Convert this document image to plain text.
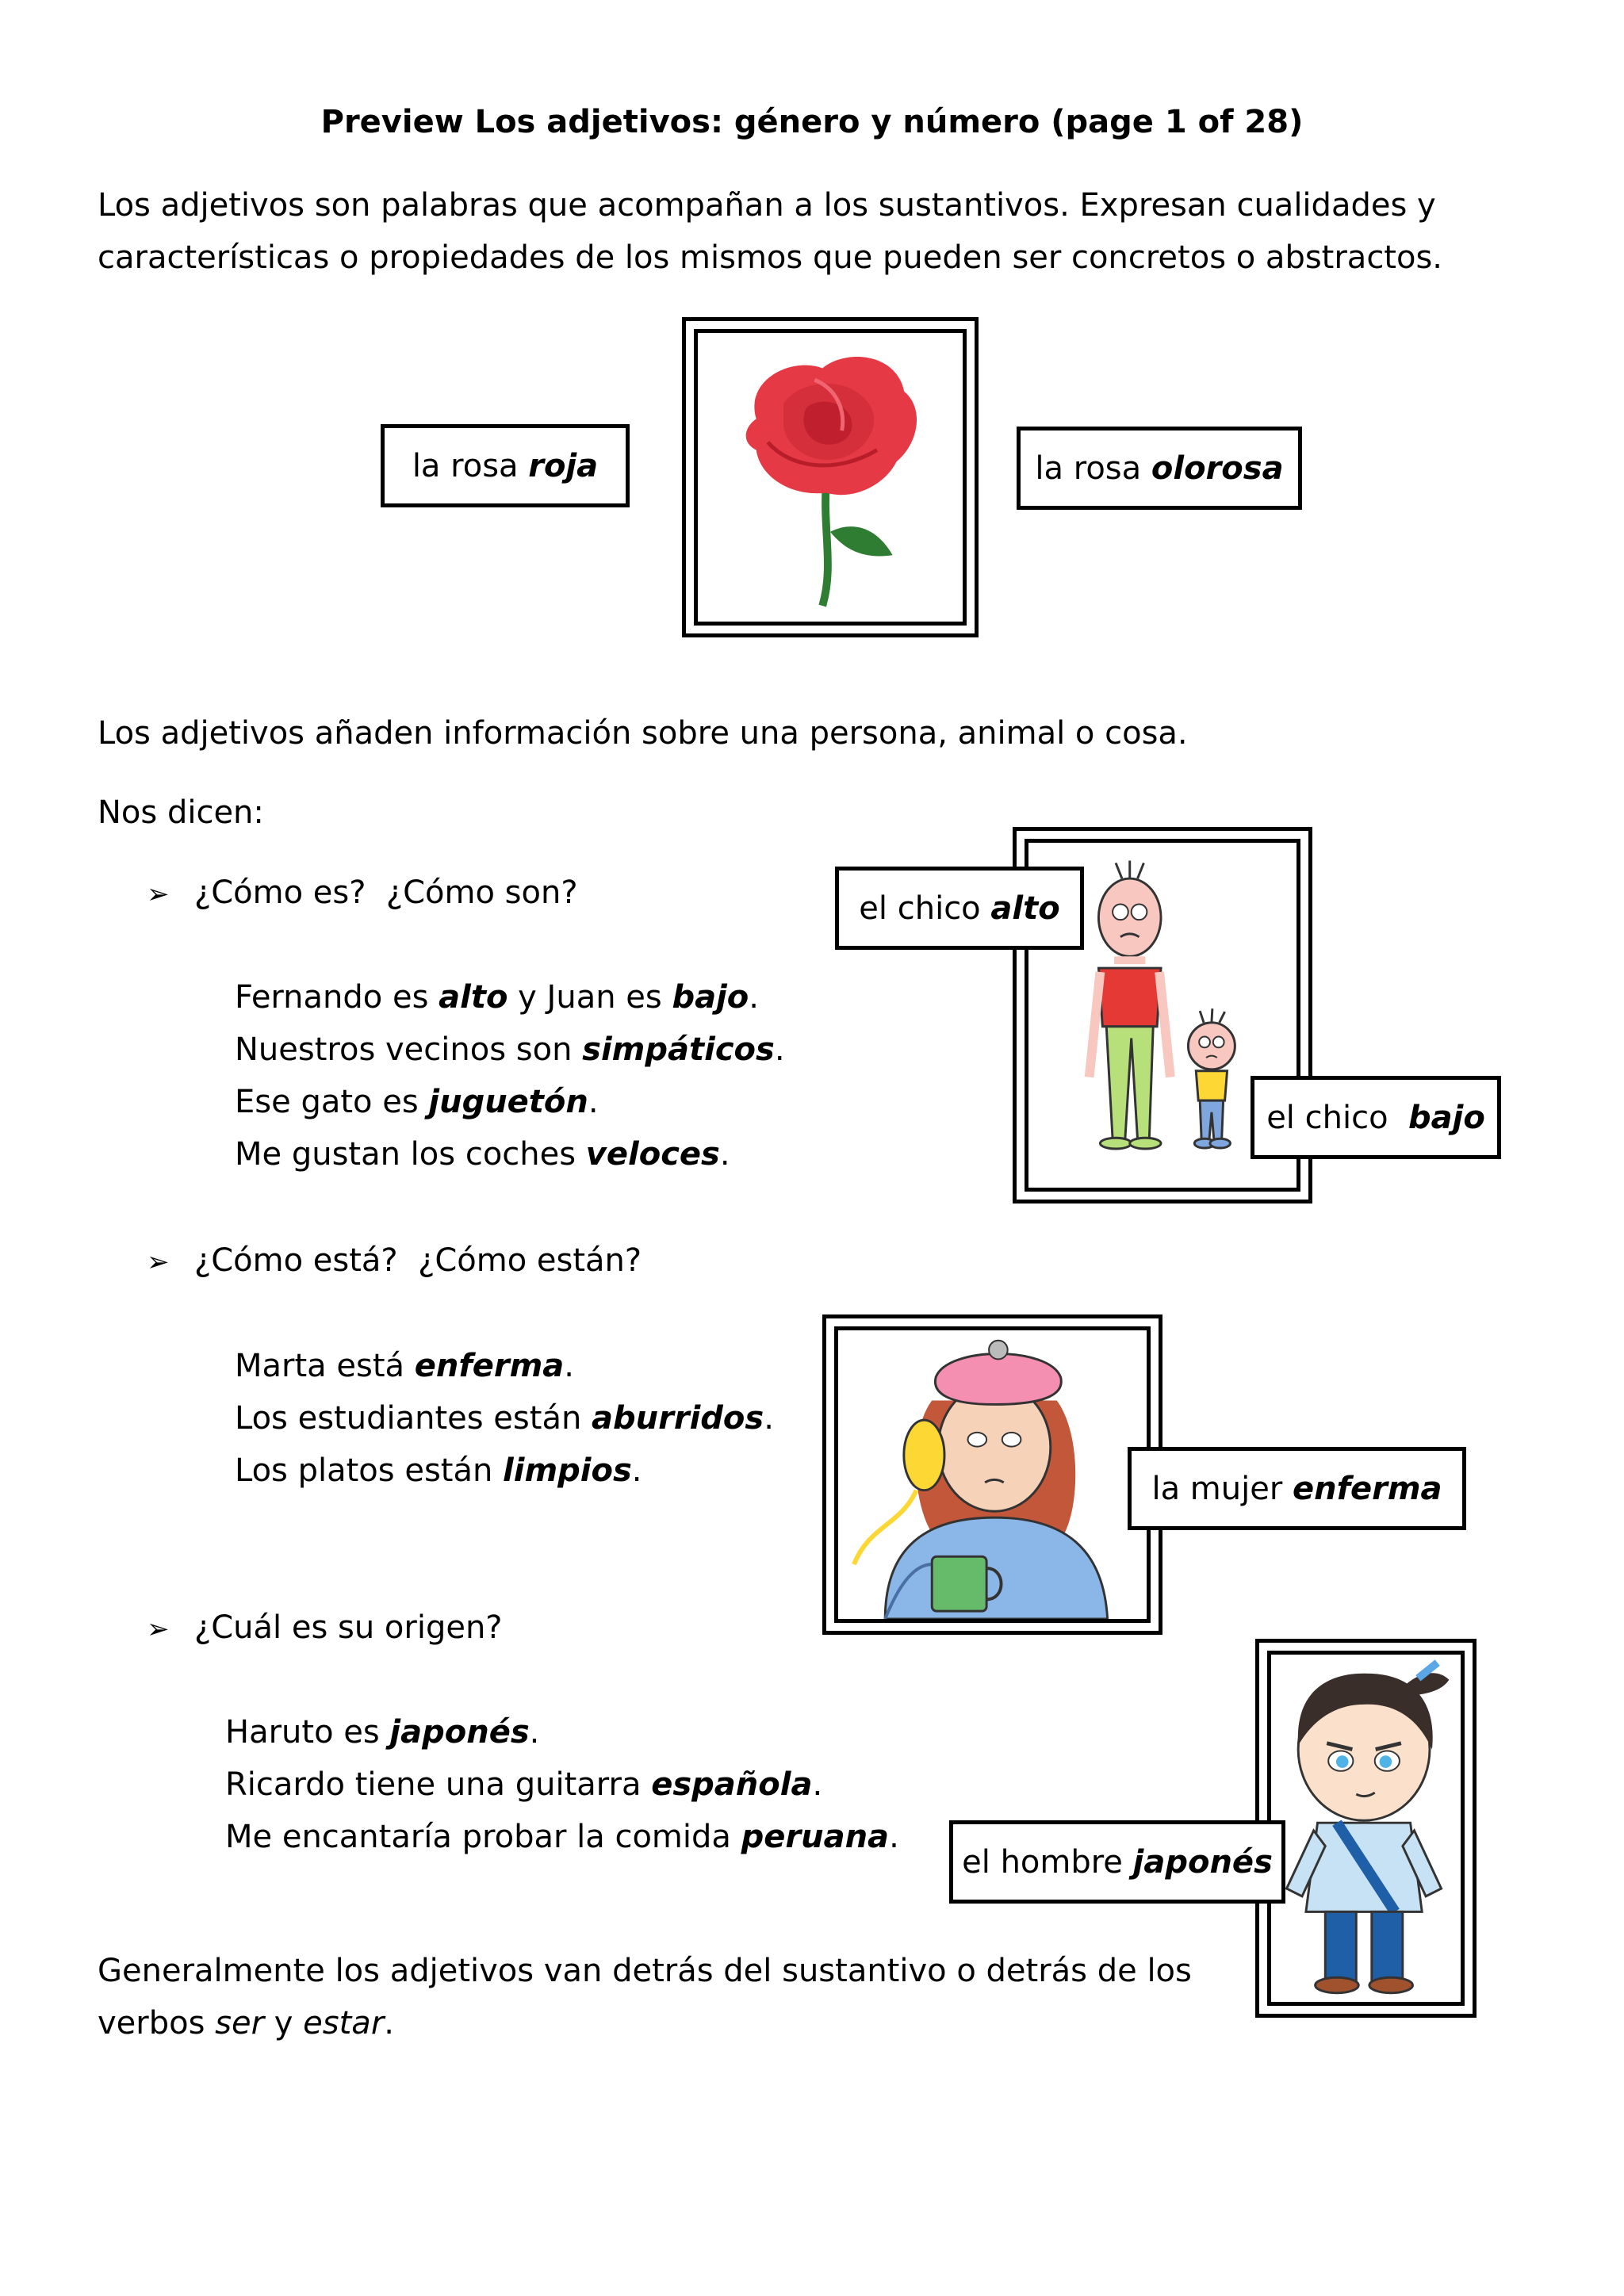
Preview Los adjetivos: género y número (page 1 of 28)
Los adjetivos son palabras que acompañan a los sustantivos. Expresan cualidades y características o propiedades de los mismos que pueden ser concretos o abstractos.
la rosa roja	la rosa olorosa
Los adjetivos añaden información sobre una persona, animal o cosa.
Nos dicen:
➢ ¿Cómo es?  ¿Cómo son?
Fernando es alto y Juan es bajo.
Nuestros vecinos son simpáticos.
Ese gato es juguetón.
Me gustan los coches veloces.
el chico alto
el chico bajo
➢ ¿Cómo está?  ¿Cómo están?
Marta está enferma.
Los estudiantes están aburridos.
Los platos están limpios.	la mujer enferma
➢ ¿Cuál es su origen?
Haruto es japonés.
Ricardo tiene una guitarra española.
Me encantaría probar la comida peruana.
el hombre japonés
Generalmente los adjetivos van detrás del sustantivo o detrás de los verbos ser y estar.
